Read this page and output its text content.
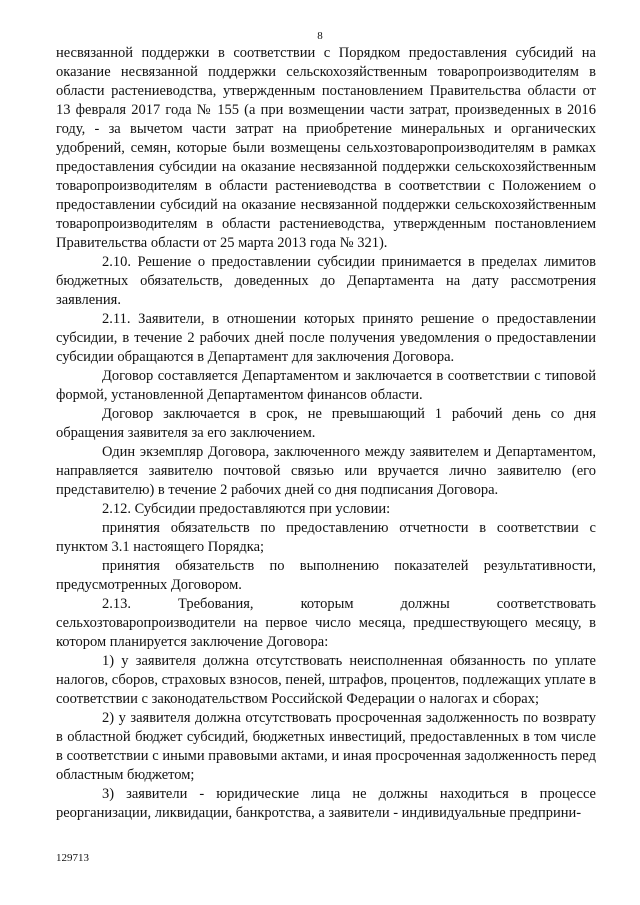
8

несвязанной поддержки в соответствии с Порядком предоставления субсидий на оказание несвязанной поддержки сельскохозяйственным товаропроизводителям в области растениеводства, утвержденным постановлением Правительства области от 13 февраля 2017 года № 155 (а при возмещении части затрат, произведенных в 2016 году, - за вычетом части затрат на приобретение минеральных и органических удобрений, семян, которые были возмещены сельхозтоваропроизводителям в рамках предоставления субсидии на оказание несвязанной поддержки сельскохозяйственным товаропроизводителям в области растениеводства в соответствии с Положением о предоставлении субсидий на оказание несвязанной поддержки сельскохозяйственным товаропроизводителям в области растениеводства, утвержденным постановлением Правительства области от 25 марта 2013 года № 321).

2.10. Решение о предоставлении субсидии принимается в пределах лимитов бюджетных обязательств, доведенных до Департамента на дату рассмотрения заявления.

2.11. Заявители, в отношении которых принято решение о предоставлении субсидии, в течение 2 рабочих дней после получения уведомления о предоставлении субсидии обращаются в Департамент для заключения Договора.

Договор составляется Департаментом и заключается в соответствии с типовой формой, установленной Департаментом финансов области.

Договор заключается в срок, не превышающий 1 рабочий день со дня обращения заявителя за его заключением.

Один экземпляр Договора, заключенного между заявителем и Департаментом, направляется заявителю почтовой связью или вручается лично заявителю (его представителю) в течение 2 рабочих дней со дня подписания Договора.

2.12. Субсидии предоставляются при условии:

принятия обязательств по предоставлению отчетности в соответствии с пунктом 3.1 настоящего Порядка;

принятия обязательств по выполнению показателей результативности, предусмотренных Договором.

2.13. Требования, которым должны соответствовать сельхозтоваропроизводители на первое число месяца, предшествующего месяцу, в котором планируется заключение Договора:

1) у заявителя должна отсутствовать неисполненная обязанность по уплате налогов, сборов, страховых взносов, пеней, штрафов, процентов, подлежащих уплате в соответствии с законодательством Российской Федерации о налогах и сборах;

2) у заявителя должна отсутствовать просроченная задолженность по возврату в областной бюджет субсидий, бюджетных инвестиций, предоставленных в том числе в соответствии с иными правовыми актами, и иная просроченная задолженность перед областным бюджетом;

3) заявители - юридические лица не должны находиться в процессе реорганизации, ликвидации, банкротства, а заявители - индивидуальные предприни-

129713
